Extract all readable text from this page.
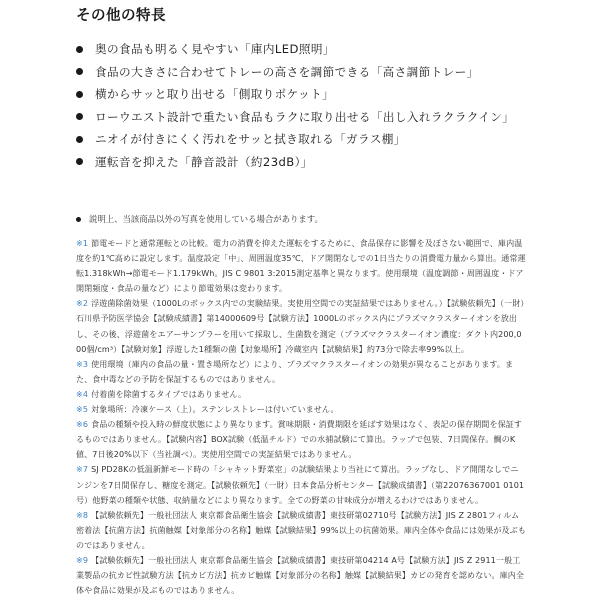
その他の特長
奥の食品も明るく見やすい「庫内LED照明」
食品の大きさに合わせてトレーの高さを調節できる「高さ調節トレー」
横からサッと取り出せる「側取りポケット」
ローウエスト設計で重たい食品もラクに取り出せる「出し入れラクラクイン」
ニオイが付きにくく汚れをサッと拭き取れる「ガラス棚」
運転音を抑えた「静音設計（約23dB）」
説明上、当該商品以外の写真を使用している場合があります。

※1 節電モードと通常運転との比較。電力の消費を抑えた運転をするために、食品保存に影響を及ぼさない範囲で、庫内温度を約1℃高めに設定します。温度設定「中」、周囲温度35℃、ドア開閉なしでの1日当たりの消費電力量から算出。通常運転1.318kWh→節電モード1.179kWh。JIS C 9801 3:2015測定基準と異なります。使用環境（温度調節・周囲温度・ドア開閉頻度・食品の量など）により節電効果は変わります。

※2 浮遊菌除菌効果（1000Lのボックス内での実験結果。実使用空間での実証結果ではありません。）【試験依頼先】（一財）石川県予防医学協会【試験成績書】第14000609号【試験方法】1000Lのボックス内にプラズマクラスターイオンを放出し、その後、浮遊菌をエアーサンプラーを用いて採取し、生菌数を測定（プラズマクラスターイオン濃度：ダクト内200,000個/cm³）【試験対象】浮遊した1種類の菌【対象場所】冷蔵室内【試験結果】約73分で除去率99%以上。

※3 使用環境（庫内の食品の量・置き場所など）により、プラズマクラスターイオンの効果が異なることがあります。また、食中毒などの予防を保証するものではありません。

※4 付着菌を除菌するタイプではありません。

※5 対象場所：冷凍ケース（上）。ステンレストレーは付いていません。

※6 食品の種類や投入時の鮮度状態により異なります。賞味期限・消費期限を延ばす効果はなく、表記の保存期間を保証するものではありません。【試験内容】BOX試験（低温チルド）での水捕試験にて算出。ラップで包装、7日間保存。鯛のK値、7日後20%以下（当社調べ）。実使用空間での実証結果ではありません。

※7 SJ PD28Kの低温新鮮モード時の「シャキット野菜室」の試験結果より当社にて算出。ラップなし、ドア開閉なしでニンジンを7日間保存し、糖度を測定。【試験依頼先】（一財）日本食品分析センター【試験成績書】（第22076367001 0101号）他野菜の種類や状態、収納量などにより異なります。全ての野菜の甘味成分が増えるわけではありません。

※8 【試験依頼先】一般社団法人 東京都食品衛生協会【試験成績書】東技研第02710号【試験方法】JIS Z 2801フィルム密着法【抗菌方法】抗菌触媒【対象部分の名称】触媒【試験結果】99%以上の抗菌効果。庫内全体や食品には効果が及ぶものではありません。

※9 【試験依頼先】一般社団法人 東京都食品衛生協会【試験成績書】東技研第04214 A号【試験方法】JIS Z 2911一般工業製品の抗カビ性試験方法【抗カビ方法】抗カビ触媒【対象部分の名称】触媒【試験結果】カビの発育を認めない。庫内全体や食品に効果が及ぶものではありません。
